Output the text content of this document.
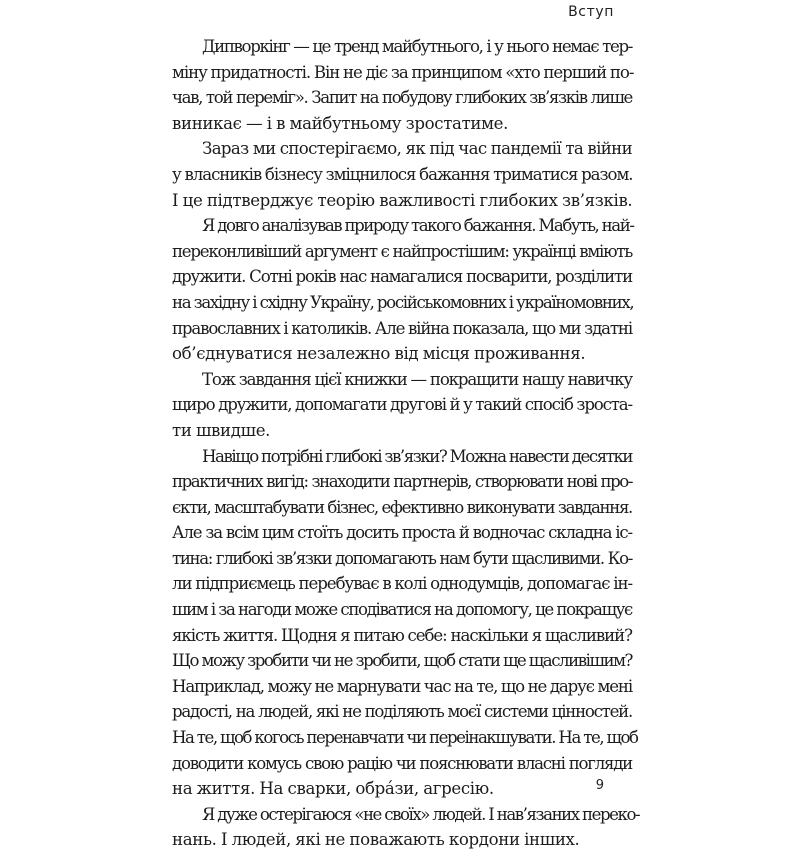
Вступ
Дипворкінг — це тренд майбутнього, і у нього немає тер-
міну придатності. Він не діє за принципом «хто перший по-
чав, той переміг». Запит на побудову глибоких зв’язків лише
виникає — і в майбутньому зростатиме.
Зараз ми спостерігаємо, як під час пандемії та війни
у власників бізнесу зміцнилося бажання триматися разом.
І це підтверджує теорію важливості глибоких зв’язків.
Я довго аналізував природу такого бажання. Мабуть, най-
переконливіший аргумент є найпростішим: українці вміють
дружити. Сотні років нас намагалися посварити, розділити
на західну і східну Україну, російськомовних і україномовних,
православних і католиків. Але війна показала, що ми здатні
об’єднуватися незалежно від місця проживання.
Тож завдання цієї книжки — покращити нашу навичку
щиро дружити, допомагати другові й у такий спосіб зроста-
ти швидше.
Навіщо потрібні глибокі зв’язки? Можна навести десятки
практичних вигід: знаходити партнерів, створювати нові про-
єкти, масштабувати бізнес, ефективно виконувати завдання.
Але за всім цим стоїть досить проста й водночас складна іс-
тина: глибокі зв’язки допомагають нам бути щасливими. Ко-
ли підприємець перебуває в колі однодумців, допомагає ін-
шим і за нагоди може сподіватися на допомогу, це покращує
якість життя. Щодня я питаю себе: наскільки я щасливий?
Що можу зробити чи не зробити, щоб стати ще щасливішим?
Наприклад, можу не марнувати час на те, що не дарує мені
радості, на людей, які не поділяють моєї системи цінностей.
На те, щоб когось перенавчати чи переінакшувати. На те, щоб
доводити комусь свою рацію чи пояснювати власні погляди
на життя. На сварки, обрáзи, агресію.
Я дуже остерігаюся «не своїх» людей. І нав’язаних переко-
нань. І людей, які не поважають кордони інших.
9
